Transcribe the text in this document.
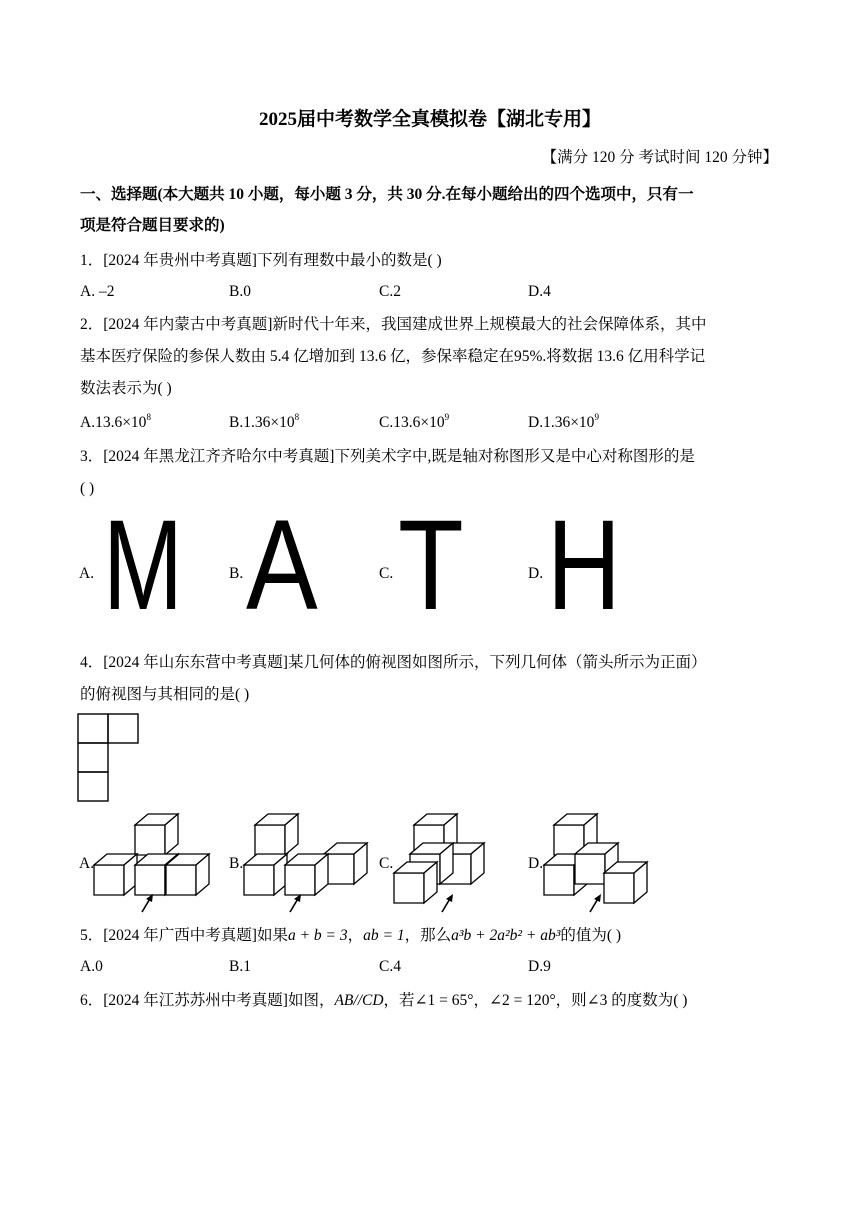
2025届中考数学全真模拟卷【湖北专用】
【满分 120 分 考试时间 120 分钟】
一、选择题(本大题共 10 小题，每小题 3 分，共 30 分.在每小题给出的四个选项中，只有一
项是符合题目要求的)
1．[2024 年贵州中考真题]下列有理数中最小的数是( )
A. –2	B.0	C.2	D.4
2．[2024 年内蒙古中考真题]新时代十年来，我国建成世界上规模最大的社会保障体系，其中
基本医疗保险的参保人数由 5.4 亿增加到 13.6 亿，参保率稳定在95%.将数据 13.6 亿用科学记
数法表示为( )
$A.13.6\times 10^8$	$B.1.36\times 10^8$	$C.13.6\times 10^9$	$D.1.36\times 10^9$
3．[2024 年黑龙江齐齐哈尔中考真题]下列美术字中,既是轴对称图形又是中心对称图形的是
( )
A.	B.	C.	D.
M A T H
4．[2024 年山东东营中考真题]某几何体的俯视图如图所示，下列几何体（箭头所示为正面）
的俯视图与其相同的是( )
A.	B.	C.	D.
5．[2024 年广西中考真题]如果a + b = 3，ab = 1，那么a³b + 2a²b² + ab³的值为( )
A.0	B.1	C.4	D.9
6．[2024 年江苏苏州中考真题]如图，AB//CD，若∠1 = 65°，∠2 = 120°，则∠3 的度数为( )
